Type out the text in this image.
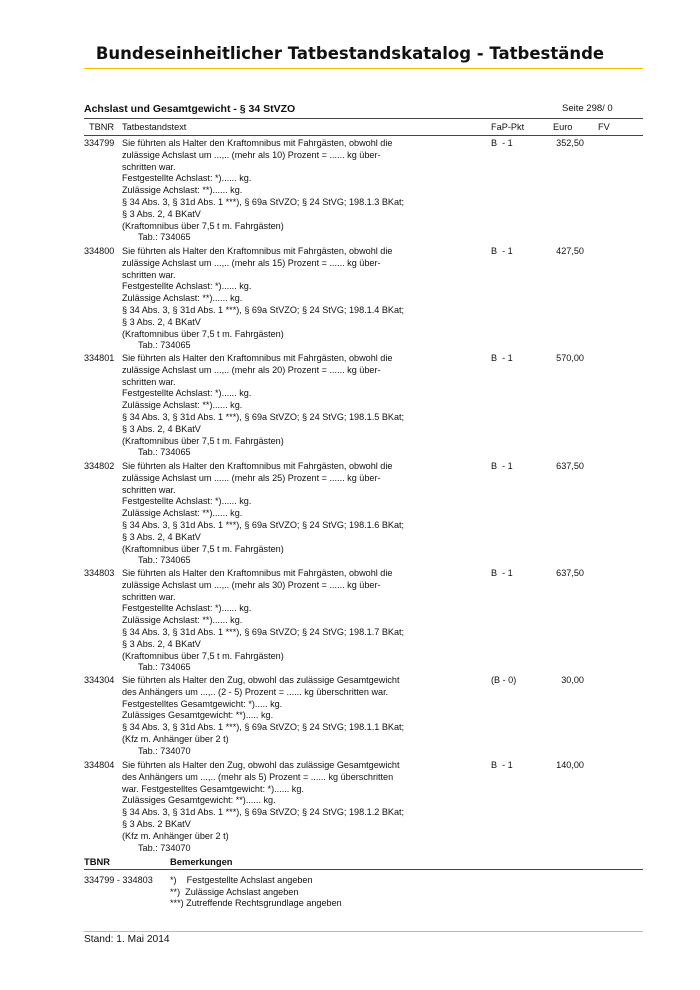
Bundeseinheitlicher Tatbestandskatalog - Tatbestände
Achslast und Gesamtgewicht - § 34 StVZO	Seite 298/ 0
TBNR Tatbestandstext	FaP-Pkt	Euro	FV
334799 Sie führten als Halter den Kraftomnibus mit Fahrgästen, obwohl die
zulässige Achslast um ...,.. (mehr als 10) Prozent = ...... kg über-
schritten war.
Festgestellte Achslast: *)...... kg.
Zulässige Achslast: **)...... kg.
§ 34 Abs. 3, § 31d Abs. 1 ***), § 69a StVZO; § 24 StVG; 198.1.3 BKat;
§ 3 Abs. 2, 4 BKatV
(Kraftomnibus über 7,5 t m. Fahrgästen)
Tab.: 734065
B  - 1	352,50
334800 Sie führten als Halter den Kraftomnibus mit Fahrgästen, obwohl die
zulässige Achslast um ...,.. (mehr als 15) Prozent = ...... kg über-
schritten war.
Festgestellte Achslast: *)...... kg.
Zulässige Achslast: **)...... kg.
§ 34 Abs. 3, § 31d Abs. 1 ***), § 69a StVZO; § 24 StVG; 198.1.4 BKat;
§ 3 Abs. 2, 4 BKatV
(Kraftomnibus über 7,5 t m. Fahrgästen)
Tab.: 734065
B  - 1	427,50
334801 Sie führten als Halter den Kraftomnibus mit Fahrgästen, obwohl die
zulässige Achslast um ...,.. (mehr als 20) Prozent = ...... kg über-
schritten war.
Festgestellte Achslast: *)...... kg.
Zulässige Achslast: **)...... kg.
§ 34 Abs. 3, § 31d Abs. 1 ***), § 69a StVZO; § 24 StVG; 198.1.5 BKat;
§ 3 Abs. 2, 4 BKatV
(Kraftomnibus über 7,5 t m. Fahrgästen)
Tab.: 734065
B  - 1	570,00
334802 Sie führten als Halter den Kraftomnibus mit Fahrgästen, obwohl die
zulässige Achslast um ...... (mehr als 25) Prozent = ...... kg über-
schritten war.
Festgestellte Achslast: *)...... kg.
Zulässige Achslast: **)...... kg.
§ 34 Abs. 3, § 31d Abs. 1 ***), § 69a StVZO; § 24 StVG; 198.1.6 BKat;
§ 3 Abs. 2, 4 BKatV
(Kraftomnibus über 7,5 t m. Fahrgästen)
Tab.: 734065
B  - 1	637,50
334803 Sie führten als Halter den Kraftomnibus mit Fahrgästen, obwohl die
zulässige Achslast um ...,.. (mehr als 30) Prozent = ...... kg über-
schritten war.
Festgestellte Achslast: *)...... kg.
Zulässige Achslast: **)...... kg.
§ 34 Abs. 3, § 31d Abs. 1 ***), § 69a StVZO; § 24 StVG; 198.1.7 BKat;
§ 3 Abs. 2, 4 BKatV
(Kraftomnibus über 7,5 t m. Fahrgästen)
Tab.: 734065
B  - 1	637,50
334304 Sie führten als Halter den Zug, obwohl das zulässige Gesamtgewicht
des Anhängers um ...,.. (2 - 5) Prozent = ...... kg überschritten war.
Festgestelltes Gesamtgewicht: *)..... kg.
Zulässiges Gesamtgewicht: **)..... kg.
§ 34 Abs. 3, § 31d Abs. 1 ***), § 69a StVZO; § 24 StVG; 198.1.1 BKat;
(Kfz m. Anhänger über 2 t)
Tab.: 734070
(B - 0)	30,00
334804 Sie führten als Halter den Zug, obwohl das zulässige Gesamtgewicht
des Anhängers um ...,.. (mehr als 5) Prozent = ...... kg überschritten
war. Festgestelltes Gesamtgewicht: *)...... kg.
Zulässiges Gesamtgewicht: **)...... kg.
§ 34 Abs. 3, § 31d Abs. 1 ***), § 69a StVZO; § 24 StVG; 198.1.2 BKat;
§ 3 Abs. 2 BKatV
(Kfz m. Anhänger über 2 t)
Tab.: 734070
B  - 1	140,00
TBNR	Bemerkungen
334799 - 334803 *)    Festgestellte Achslast angeben
**)  Zulässige Achslast angeben
***) Zutreffende Rechtsgrundlage angeben
Stand: 1. Mai 2014
